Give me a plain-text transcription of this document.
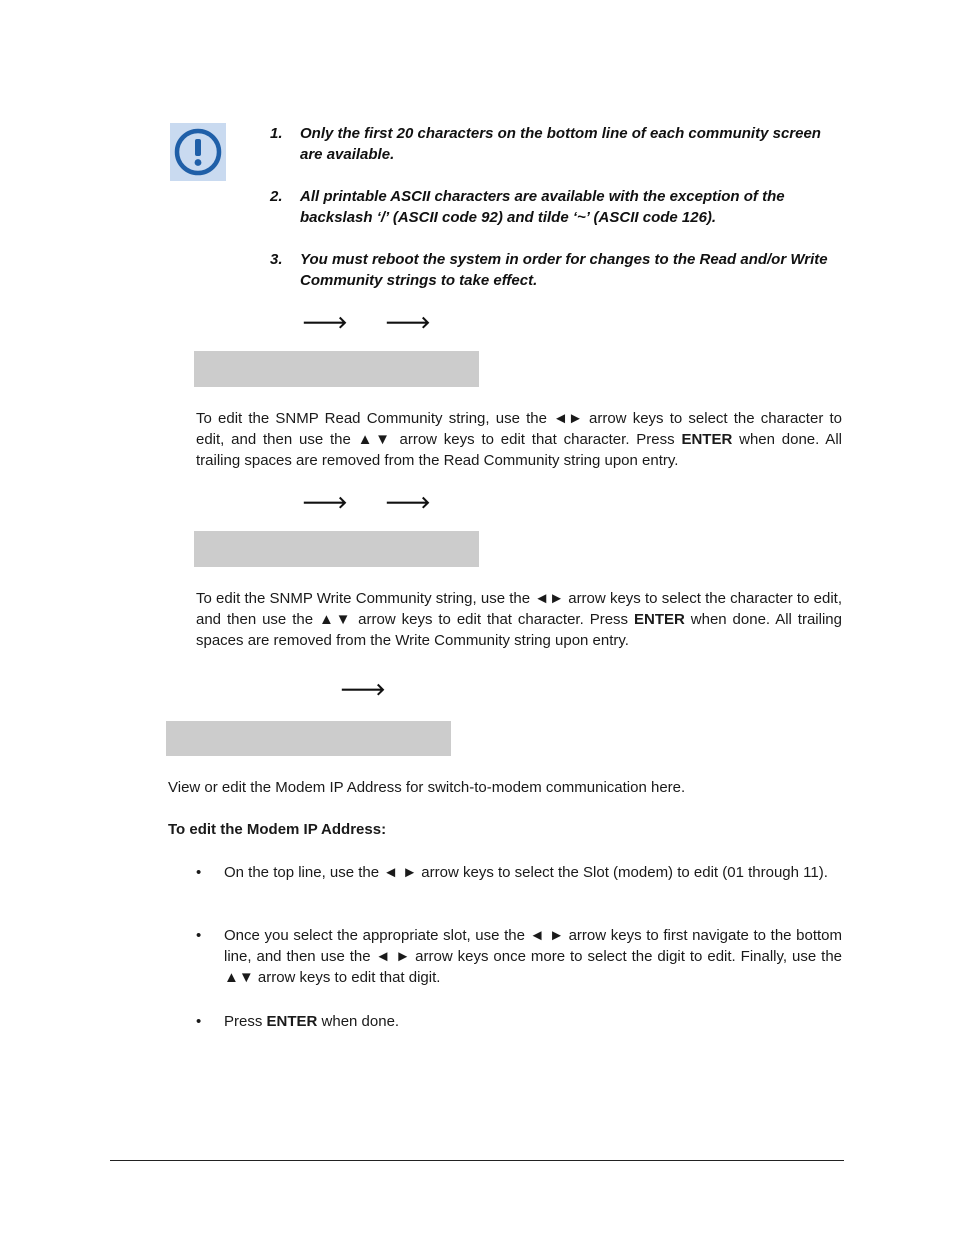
1.	Only the first 20 characters on the bottom line of each community screen are available.
2.	All printable ASCII characters are available with the exception of the backslash ‘/’ (ASCII code 92) and tilde ‘~’ (ASCII code 126).
3.	You must reboot the system in order for changes to the Read and/or Write Community strings to take effect.
🡒 🡒
To edit the SNMP Read Community string, use the ◄► arrow keys to select the character to edit, and then use the ▲▼ arrow keys to edit that character. Press ENTER when done. All trailing spaces are removed from the Read Community string upon entry.
🡒 🡒
To edit the SNMP Write Community string, use the ◄► arrow keys to select the character to edit, and then use the ▲▼ arrow keys to edit that character. Press ENTER when done. All trailing spaces are removed from the Write Community string upon entry.
🡒
View or edit the Modem IP Address for switch-to-modem communication here.
To edit the Modem IP Address:
• On the top line, use the ◄ ► arrow keys to select the Slot (modem) to edit (01 through 11).
• Once you select the appropriate slot, use the ◄ ► arrow keys to first navigate to the bottom line, and then use the ◄ ► arrow keys once more to select the digit to edit. Finally, use the ▲▼ arrow keys to edit that digit.
• Press ENTER when done.
